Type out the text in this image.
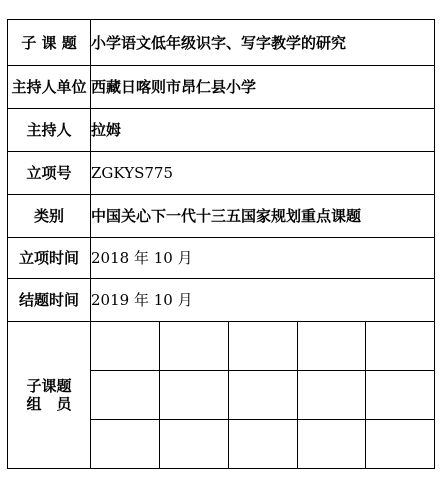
子 课 题	小学语文低年级识字、写字教学的研究				
主持人单位	西藏日喀则市昂仁县小学				
主持人	拉姆				
立项号	ZGKYS775				
类别	中国关心下一代十三五国家规划重点课题				
立项时间	2018 年 10 月				
结题时间	2019 年 10 月				

子课题
组　员					
